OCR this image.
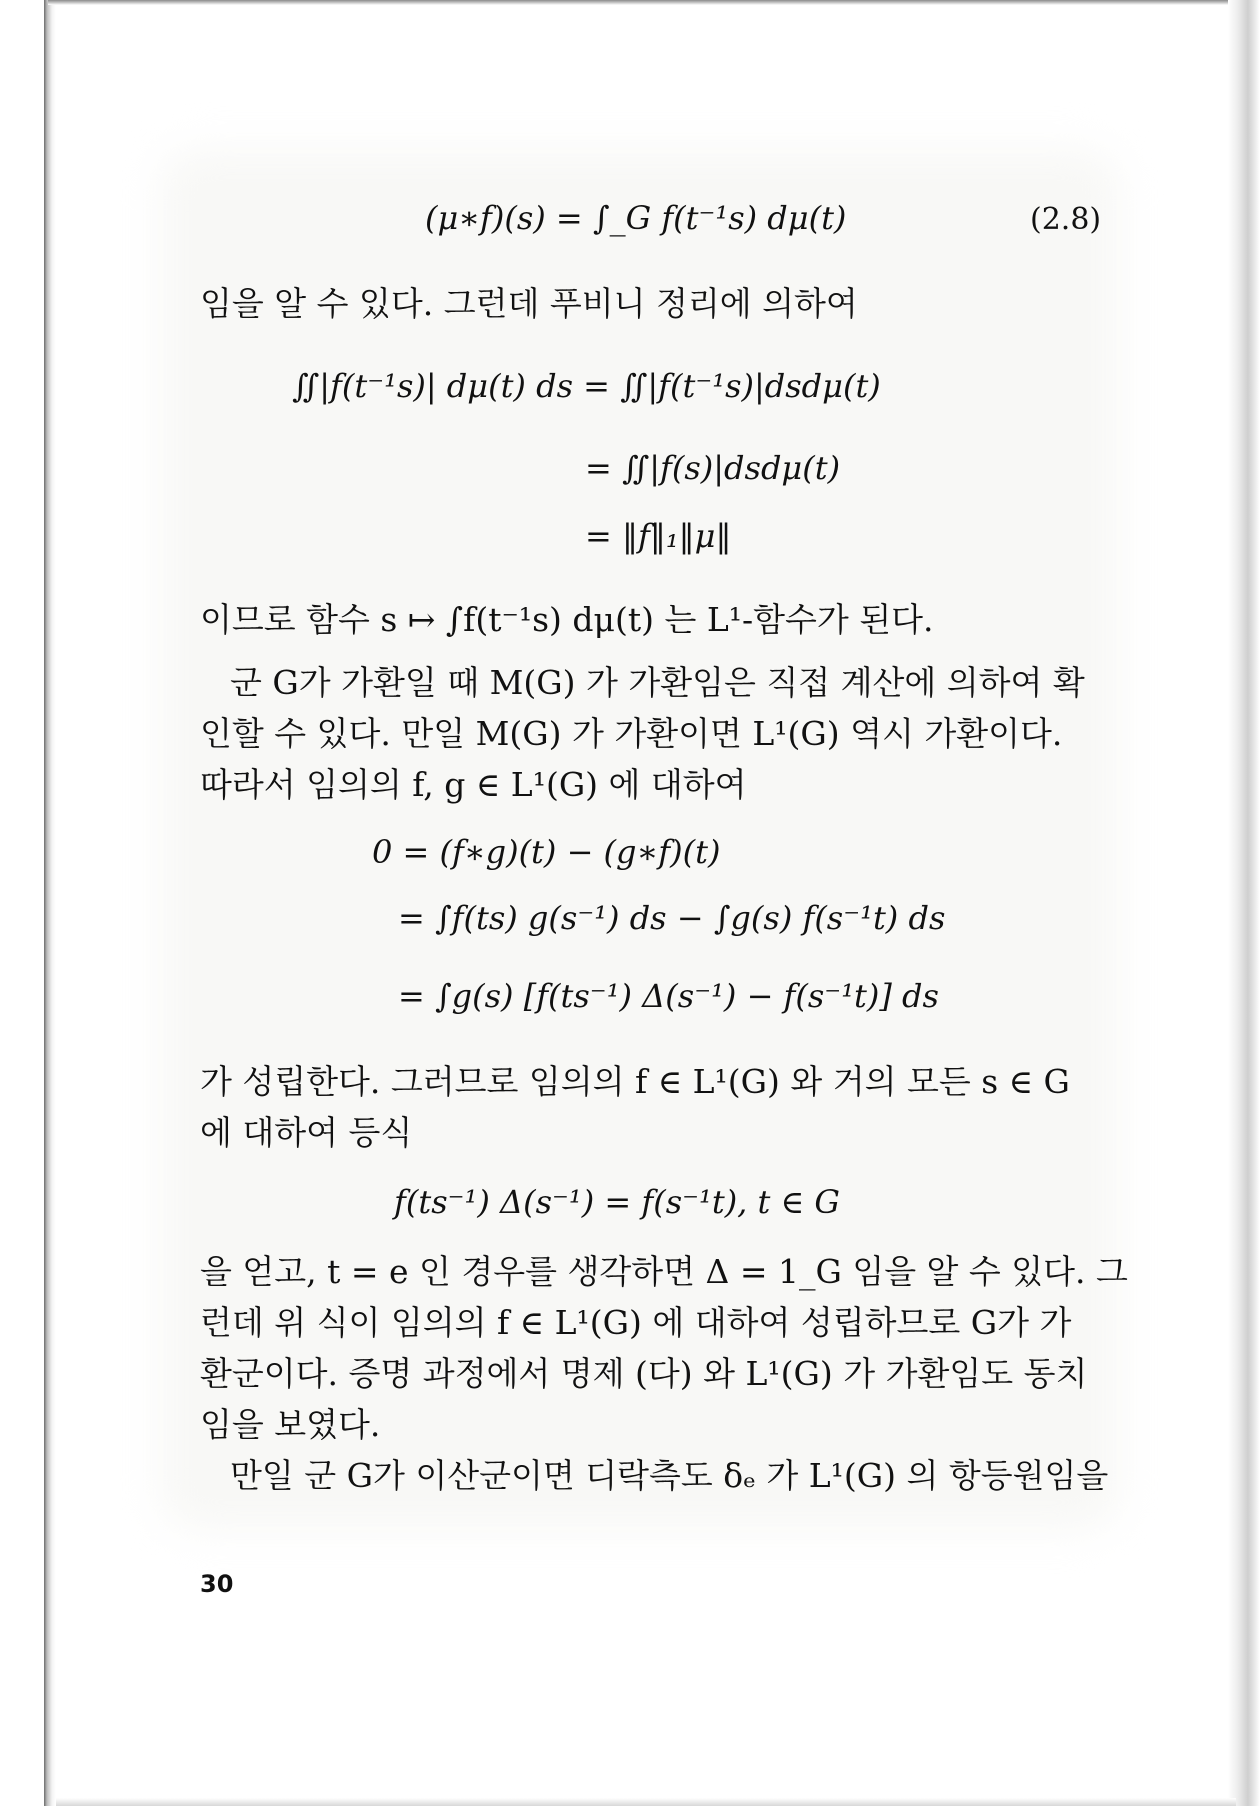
(μ∗f)(s) = ∫_G f(t⁻¹s) dμ(t)	(2.8)
임을 알 수 있다. 그런데 푸비니 정리에 의하여
∬|f(t⁻¹s)| dμ(t) ds = ∬|f(t⁻¹s)|dsdμ(t)
= ∬|f(s)|dsdμ(t)
= ‖f‖₁‖μ‖
이므로 함수 s ↦ ∫f(t⁻¹s) dμ(t) 는 L¹-함수가 된다.
군 G가 가환일 때 M(G) 가 가환임은 직접 계산에 의하여 확
인할 수 있다. 만일 M(G) 가 가환이면 L¹(G) 역시 가환이다.
따라서 임의의 f, g ∈ L¹(G) 에 대하여
0 = (f∗g)(t) − (g∗f)(t)
= ∫f(ts) g(s⁻¹) ds − ∫g(s) f(s⁻¹t) ds
= ∫g(s) [f(ts⁻¹) Δ(s⁻¹) − f(s⁻¹t)] ds
가 성립한다. 그러므로 임의의 f ∈ L¹(G) 와 거의 모든 s ∈ G
에 대하여 등식
f(ts⁻¹) Δ(s⁻¹) = f(s⁻¹t), t ∈ G
을 얻고, t = e 인 경우를 생각하면 Δ = 1_G 임을 알 수 있다. 그
런데 위 식이 임의의 f ∈ L¹(G) 에 대하여 성립하므로 G가 가
환군이다. 증명 과정에서 명제 (다) 와 L¹(G) 가 가환임도 동치
임을 보였다.
만일 군 G가 이산군이면 디락측도 δₑ 가 L¹(G) 의 항등원임을
30
